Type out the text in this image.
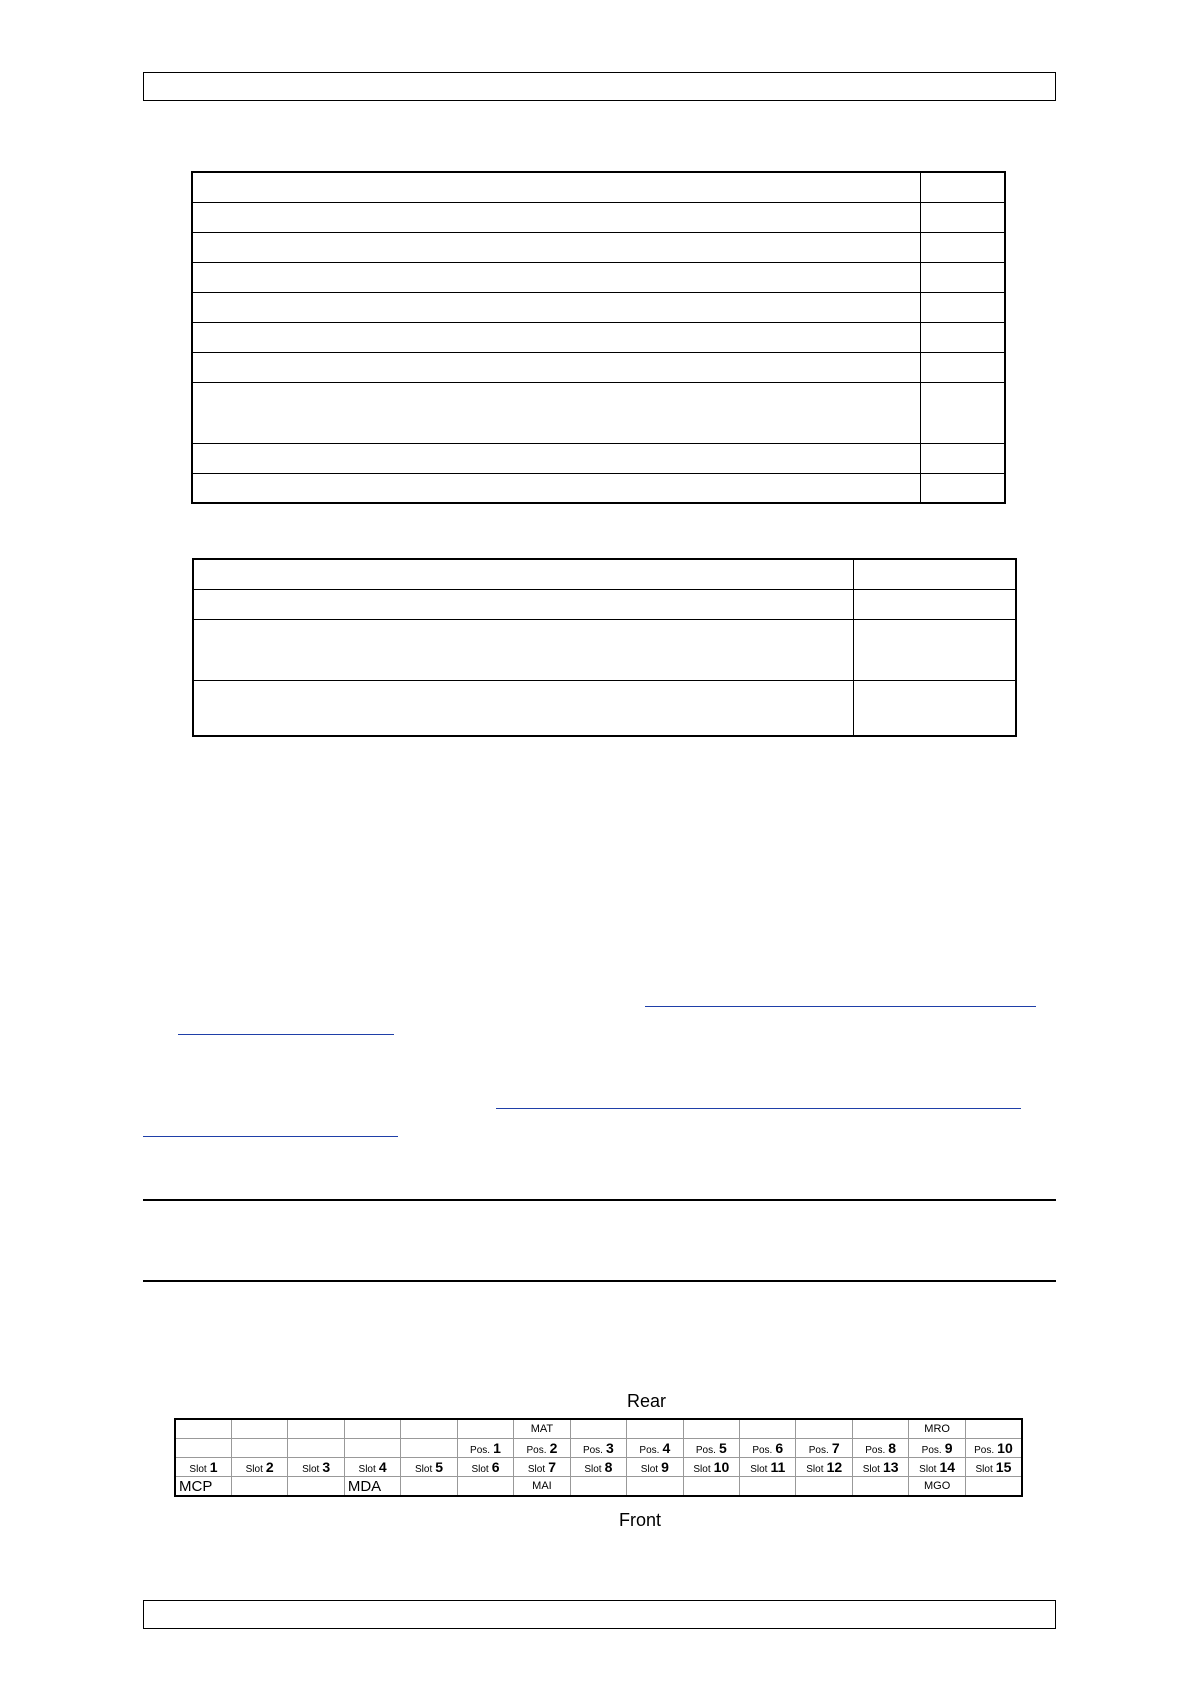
Rear
						MAT							MRO	
					Pos. 1	Pos. 2	Pos. 3	Pos. 4	Pos. 5	Pos. 6	Pos. 7	Pos. 8	Pos. 9	Pos. 10
Slot 1	Slot 2	Slot 3	Slot 4	Slot 5	Slot 6	Slot 7	Slot 8	Slot 9	Slot 10	Slot 11	Slot 12	Slot 13	Slot 14	Slot 15
MCP			MDA			MAI							MGO	
Front
